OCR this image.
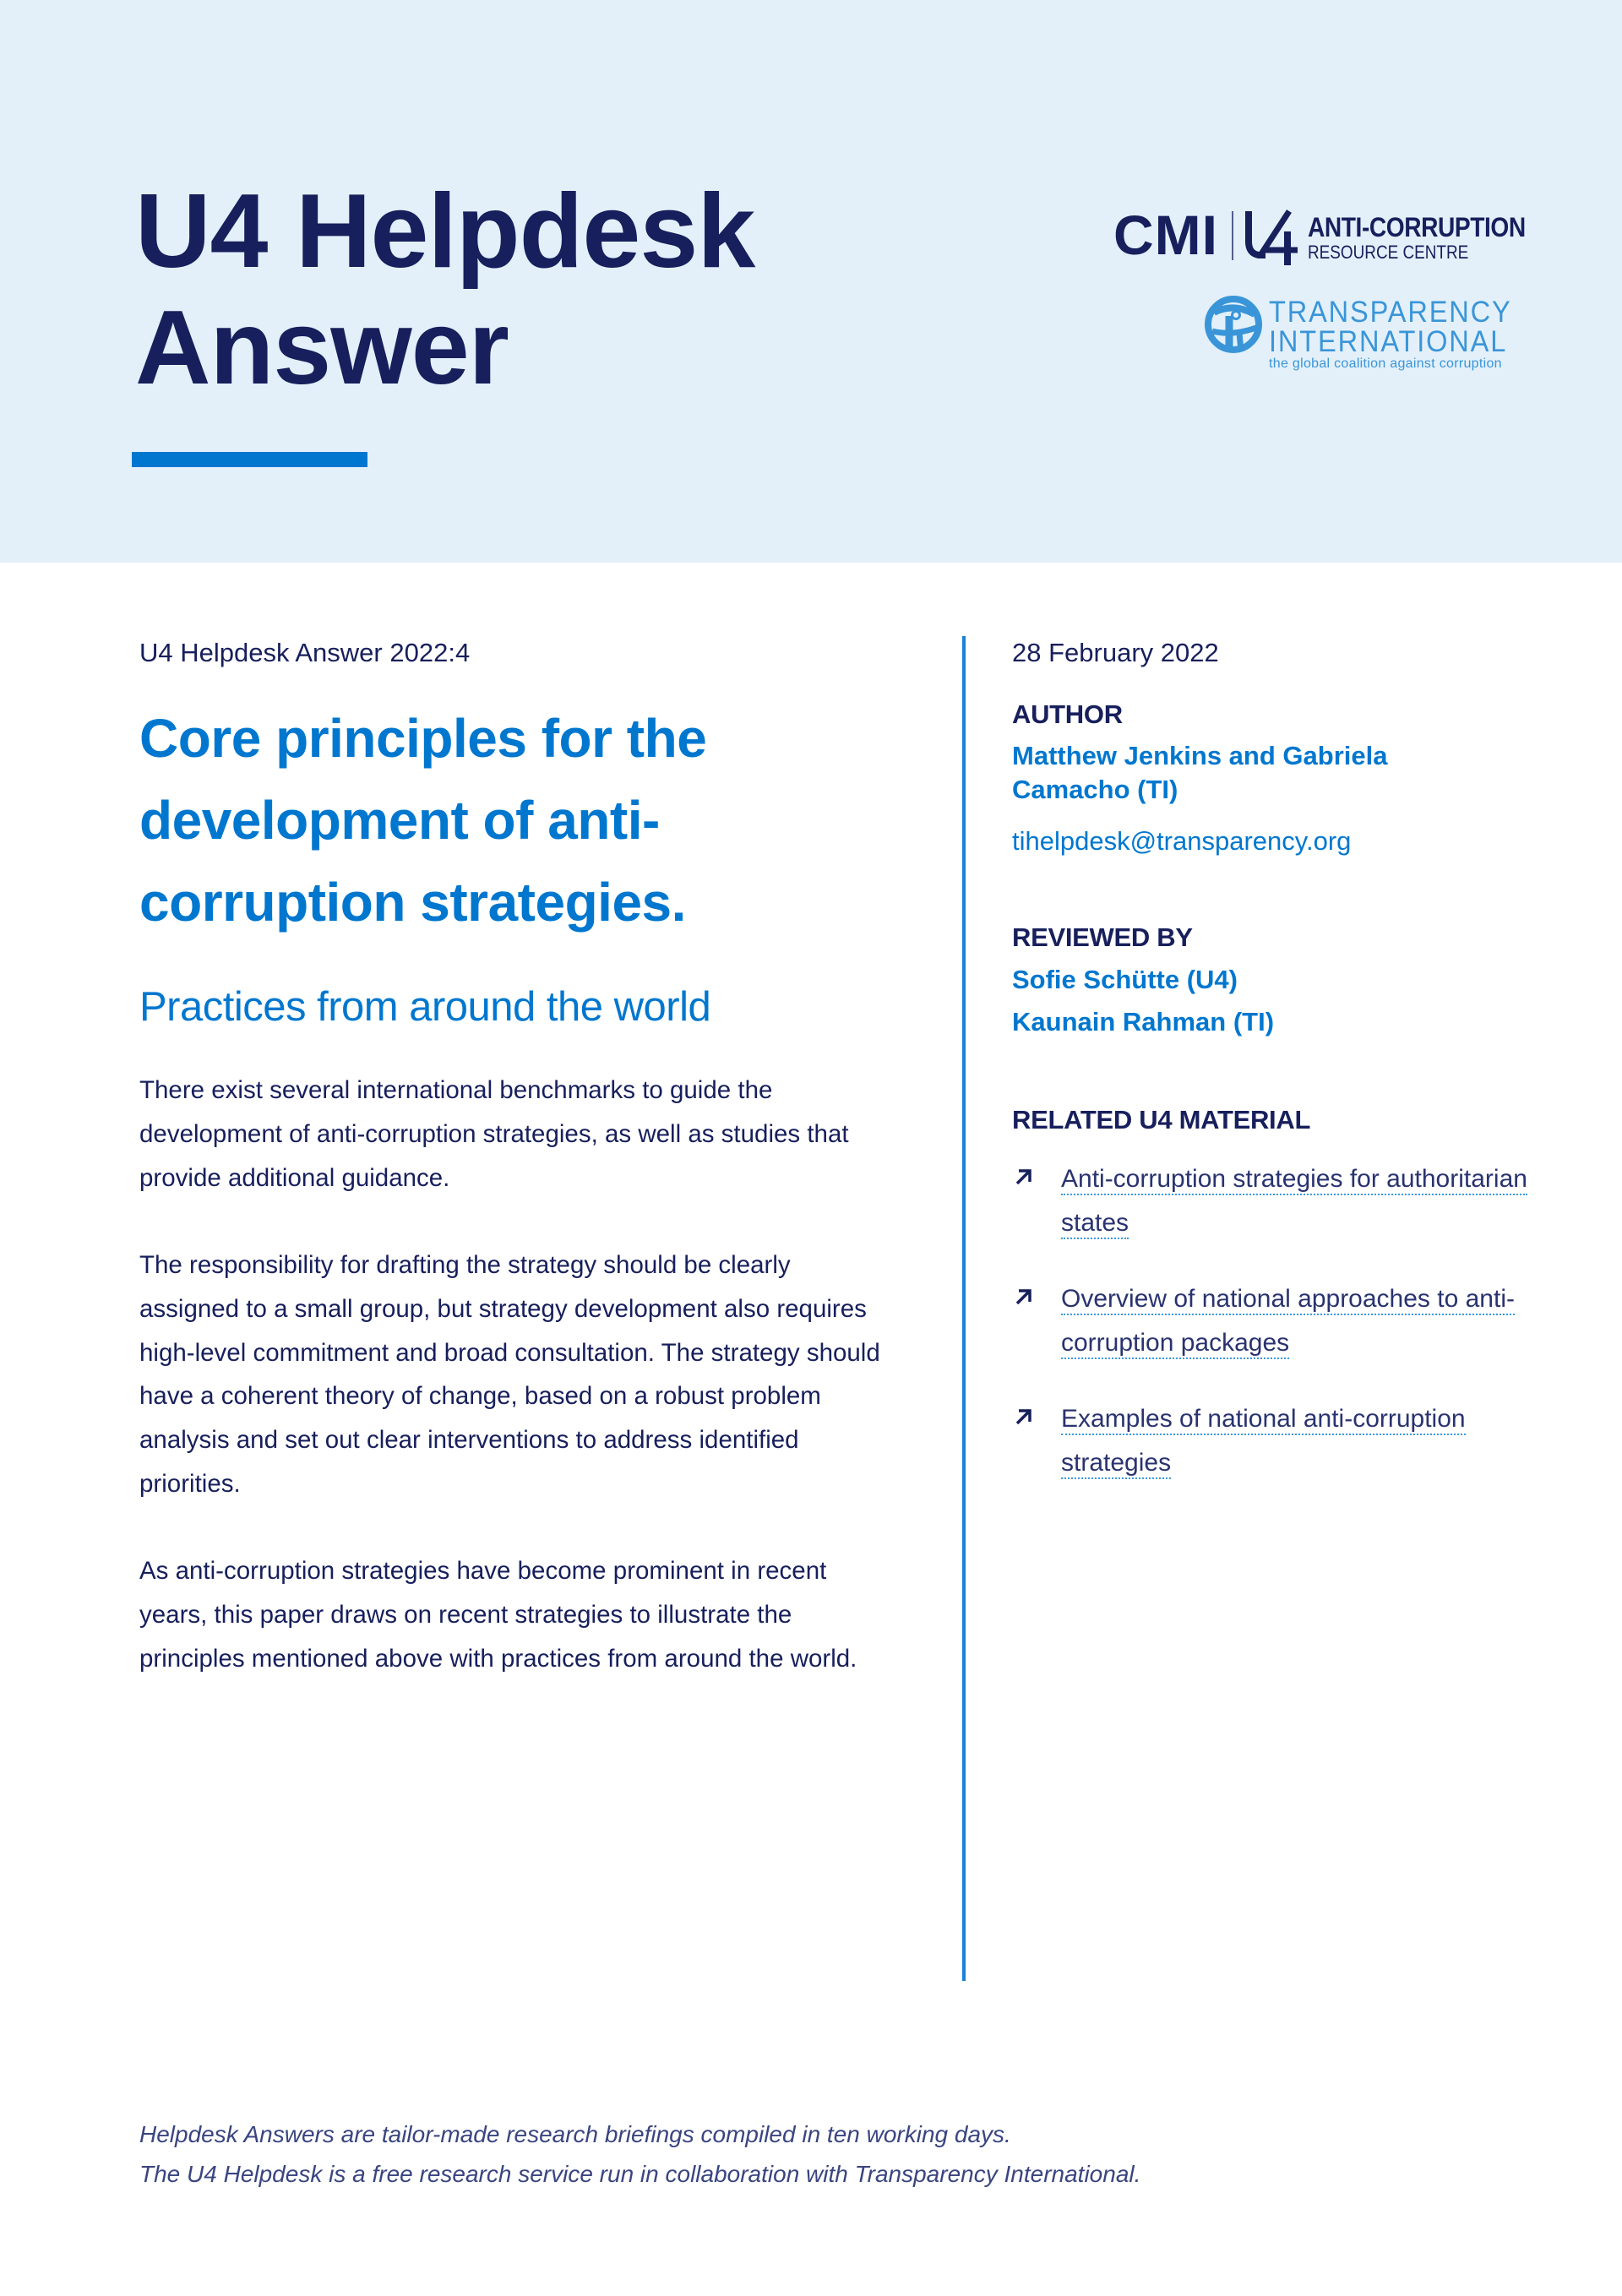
U4 Helpdesk
Answer
CMI	ANTI-CORRUPTION
RESOURCE CENTRE
TRANSPARENCY
INTERNATIONAL
the global coalition against corruption
U4 Helpdesk Answer 2022:4
Core principles for the
development of anti-
corruption strategies.
Practices from around the world

There exist several international benchmarks to guide the development of anti-corruption strategies, as well as studies that provide additional guidance.

The responsibility for drafting the strategy should be clearly assigned to a small group, but strategy development also requires high-level commitment and broad consultation. The strategy should have a coherent theory of change, based on a robust problem analysis and set out clear interventions to address identified priorities.

As anti-corruption strategies have become prominent in recent years, this paper draws on recent strategies to illustrate the principles mentioned above with practices from around the world.

28 February 2022
AUTHOR
Matthew Jenkins and Gabriela Camacho (TI)
tihelpdesk@transparency.org
REVIEWED BY
Sofie Schütte (U4)
Kaunain Rahman (TI)
RELATED U4 MATERIAL
Anti-corruption strategies for authoritarian states
Overview of national approaches to anti-corruption packages
Examples of national anti-corruption strategies
Helpdesk Answers are tailor-made research briefings compiled in ten working days.
The U4 Helpdesk is a free research service run in collaboration with Transparency International.
